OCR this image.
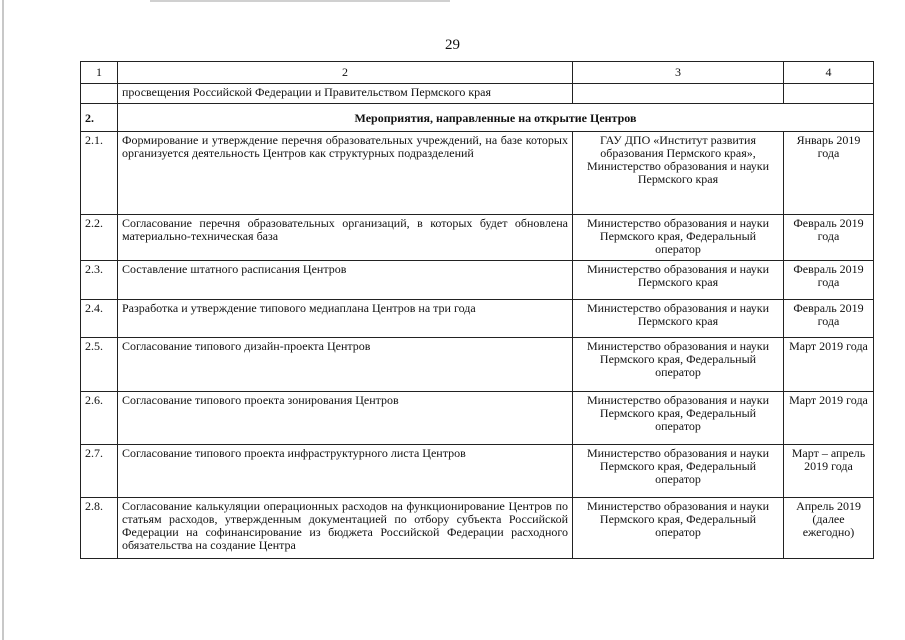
29
1	2	3	4
	просвещения Российской Федерации и Правительством Пермского края		
2.	Мероприятия, направленные на открытие Центров		
2.1.	Формирование и утверждение перечня образовательных учреждений, на базе которых организуется деятельность Центров как структурных подразделений	ГАУ ДПО «Институт развития образования Пермского края», Министерство образования и науки Пермского края	Январь 2019 года
2.2.	Согласование перечня образовательных организаций, в которых будет обновлена материально-техническая база	Министерство образования и науки Пермского края, Федеральный оператор	Февраль 2019 года
2.3.	Составление штатного расписания Центров	Министерство образования и науки Пермского края	Февраль 2019 года
2.4.	Разработка и утверждение типового медиаплана Центров на три года	Министерство образования и науки Пермского края	Февраль 2019 года
2.5.	Согласование типового дизайн-проекта Центров	Министерство образования и науки Пермского края, Федеральный оператор	Март 2019 года
2.6.	Согласование типового проекта зонирования Центров	Министерство образования и науки Пермского края, Федеральный оператор	Март 2019 года
2.7.	Согласование типового проекта инфраструктурного листа Центров	Министерство образования и науки Пермского края, Федеральный оператор	Март – апрель 2019 года
2.8.	Согласование калькуляции операционных расходов на функционирование Центров по статьям расходов, утвержденным документацией по отбору субъекта Российской Федерации на софинансирование из бюджета Российской Федерации расходного обязательства на создание Центра	Министерство образования и науки Пермского края, Федеральный оператор	Апрель 2019 (далее ежегодно)
